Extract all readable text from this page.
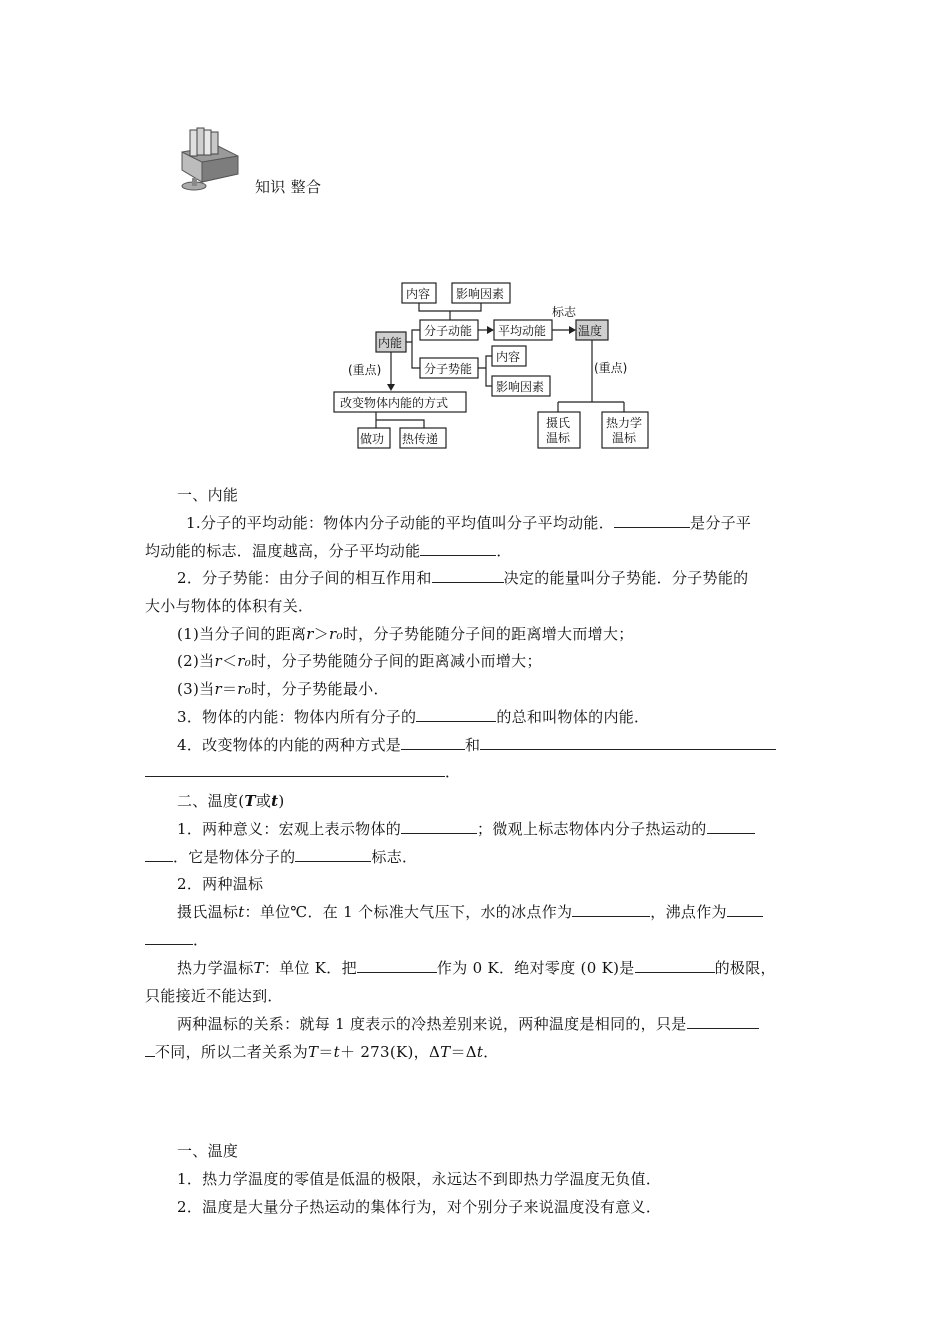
知识 整合
内容 影响因素
内能
分子动能 平均动能
标志
温度
分子势能
内容
影响因素
(重点)
改变物体内能的方式
做功 热传递
(重点)
摄氏
温标
热力学
温标
一、内能
1.分子的平均动能：物体内分子动能的平均值叫分子平均动能．	是分子平
均动能的标志．温度越高，分子平均动能	．
2．分子势能：由分子间的相互作用和	决定的能量叫分子势能．分子势能的
大小与物体的体积有关．
(1)当分子间的距离r＞r₀时，分子势能随分子间的距离增大而增大；
(2)当r＜r₀时，分子势能随分子间的距离减小而增大；
(3)当r＝r₀时，分子势能最小．
3．物体的内能：物体内所有分子的	的总和叫物体的内能．
4．改变物体的内能的两种方式是	和
．
二、温度(T或t)
1．两种意义：宏观上表示物体的	；微观上标志物体内分子热运动的
．它是物体分子的	标志．
2．两种温标
摄氏温标t：单位℃．在 1 个标准大气压下，水的冰点作为	，沸点作为
．
热力学温标T：单位 K．把	作为 0 K．绝对零度 (0 K)是	的极限，
只能接近不能达到．
两种温标的关系：就每 1 度表示的冷热差别来说，两种温度是相同的，只是
不同，所以二者关系为T＝t＋ 273(K)，ΔT＝Δt．
一、温度
1．热力学温度的零值是低温的极限，永远达不到即热力学温度无负值．
2．温度是大量分子热运动的集体行为，对个别分子来说温度没有意义．
